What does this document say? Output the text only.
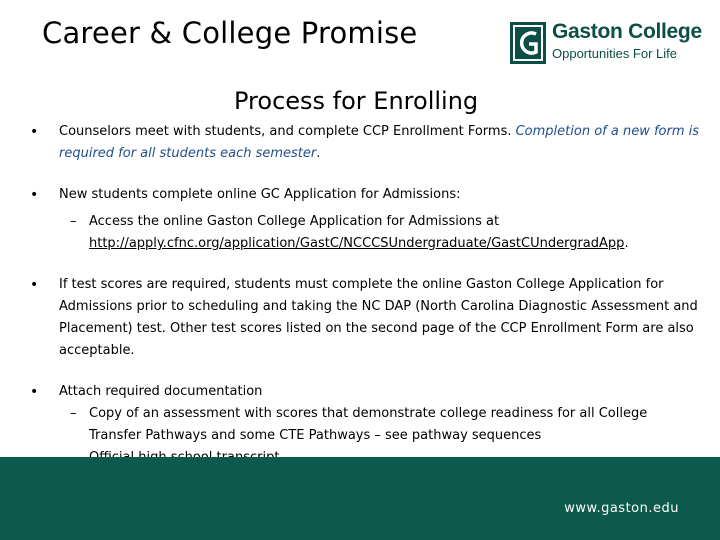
Career & College Promise	Gaston College
Opportunities For Life
Process for Enrolling
• Counselors meet with students, and complete CCP Enrollment Forms. Completion of a new form is required for all students each semester.
• New students complete online GC Application for Admissions:
– Access the online Gaston College Application for Admissions at http://apply.cfnc.org/application/GastC/NCCCSUndergraduate/GastCUndergradApp.
• If test scores are required, students must complete the online Gaston College Application for Admissions prior to scheduling and taking the NC DAP (North Carolina Diagnostic Assessment and Placement) test. Other test scores listed on the second page of the CCP Enrollment Form are also acceptable.
• Attach required documentation
– Copy of an assessment with scores that demonstrate college readiness for all College Transfer Pathways and some CTE Pathways – see pathway sequences
www.gaston.edu
